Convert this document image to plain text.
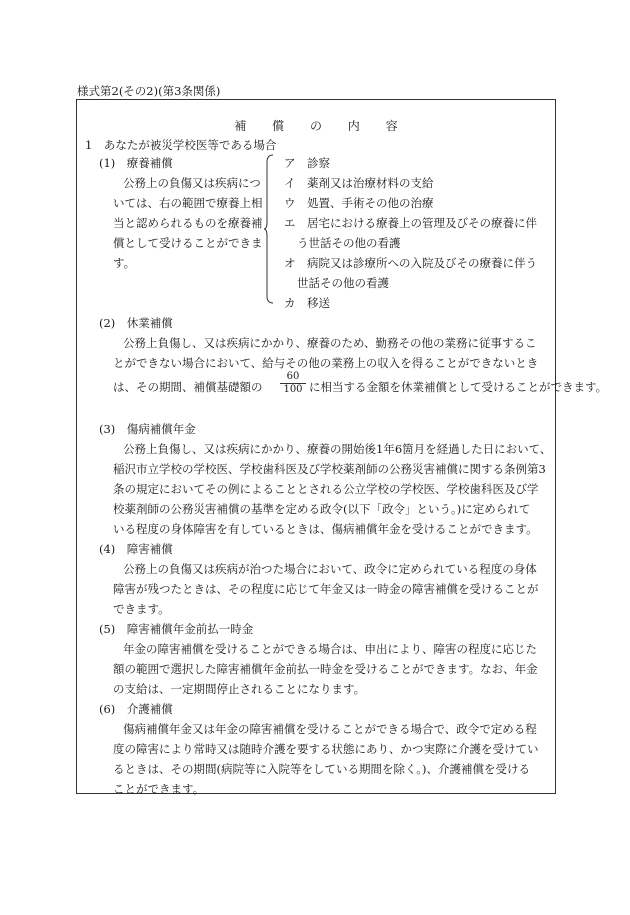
様式第2(その2)(第3条関係)
補 償 の 内 容
1　あなたが被災学校医等である場合
(1)　療養補償
公務上の負傷又は疾病につ
いては、右の範囲で療養上相
当と認められるものを療養補
償として受けることができま
す。
ア　診察
イ　薬剤又は治療材料の支給
ウ　処置、手術その他の治療
エ　居宅における療養上の管理及びその療養に伴
う世話その他の看護
オ　病院又は診療所への入院及びその療養に伴う
世話その他の看護
カ　移送
(2)　休業補償
公務上負傷し、又は疾病にかかり、療養のため、勤務その他の業務に従事するこ
とができない場合において、給与その他の業務上の収入を得ることができないとき
は、その期間、補償基礎額の $\frac{60}{100}$ に相当する金額を休業補償として受けることができます。
(3)　傷病補償年金
公務上負傷し、又は疾病にかかり、療養の開始後1年6箇月を経過した日において、
稲沢市立学校の学校医、学校歯科医及び学校薬剤師の公務災害補償に関する条例第3
条の規定においてその例によることとされる公立学校の学校医、学校歯科医及び学
校薬剤師の公務災害補償の基準を定める政令(以下「政令」という。)に定められて
いる程度の身体障害を有しているときは、傷病補償年金を受けることができます。
(4)　障害補償
公務上の負傷又は疾病が治つた場合において、政令に定められている程度の身体
障害が残つたときは、その程度に応じて年金又は一時金の障害補償を受けることが
できます。
(5)　障害補償年金前払一時金
年金の障害補償を受けることができる場合は、申出により、障害の程度に応じた
額の範囲で選択した障害補償年金前払一時金を受けることができます。なお、年金
の支給は、一定期間停止されることになります。
(6)　介護補償
傷病補償年金又は年金の障害補償を受けることができる場合で、政令で定める程
度の障害により常時又は随時介護を要する状態にあり、かつ実際に介護を受けてい
るときは、その期間(病院等に入院等をしている期間を除く。)、介護補償を受ける
ことができます。
